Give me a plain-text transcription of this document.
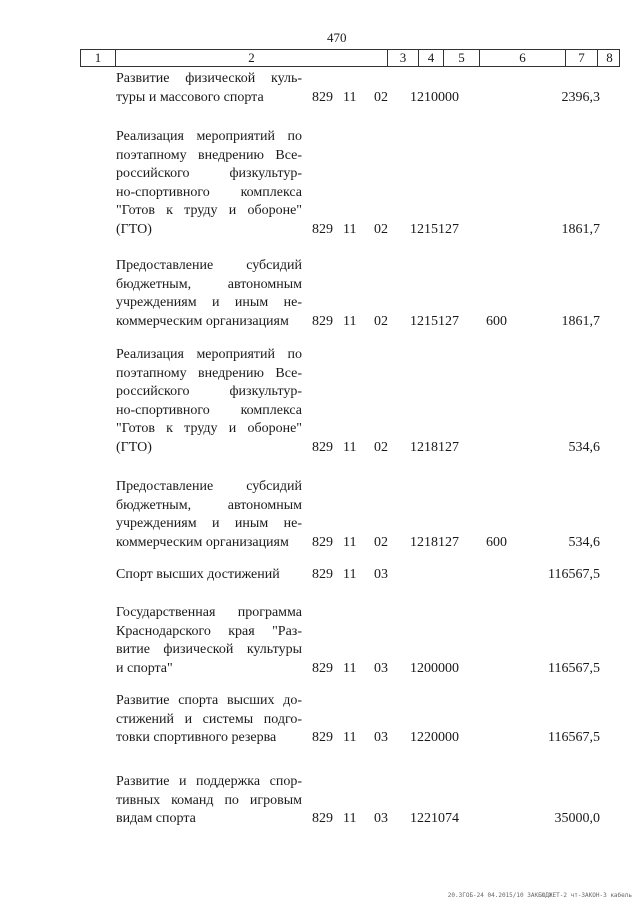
470
1	2	3	4	5	6	7	8
Развитие физической куль-
туры и массового спорта	829 11 02 1210000	2396,3
Реализация мероприятий по
поэтапному внедрению Все-
российского физкультур-
но-спортивного комплекса
"Готов к труду и обороне"
(ГТО)	829 11 02 1215127	1861,7
Предоставление субсидий
бюджетным, автономным
учреждениям и иным не-
коммерческим организациям	829 11 02 1215127 600	1861,7
Реализация мероприятий по
поэтапному внедрению Все-
российского физкультур-
но-спортивного комплекса
"Готов к труду и обороне"
(ГТО)	829 11 02 1218127	534,6
Предоставление субсидий
бюджетным, автономным
учреждениям и иным не-
коммерческим организациям	829 11 02 1218127 600	534,6
Спорт высших достижений	829 11 03	116567,5
Государственная программа
Краснодарского края "Раз-
витие физической культуры
и спорта"	829 11 03 1200000	116567,5
Развитие спорта высших до-
стижений и системы подго-
товки спортивного резерва	829 11 03 1220000	116567,5
Развитие и поддержка спор-
тивных команд по игровым
видам спорта	829 11 03 1221074	35000,0
20.3ГОБ-24 04.2015/10 ЗАКБЮДЖЕТ-2 чт-ЗАКОН-3 кабель
